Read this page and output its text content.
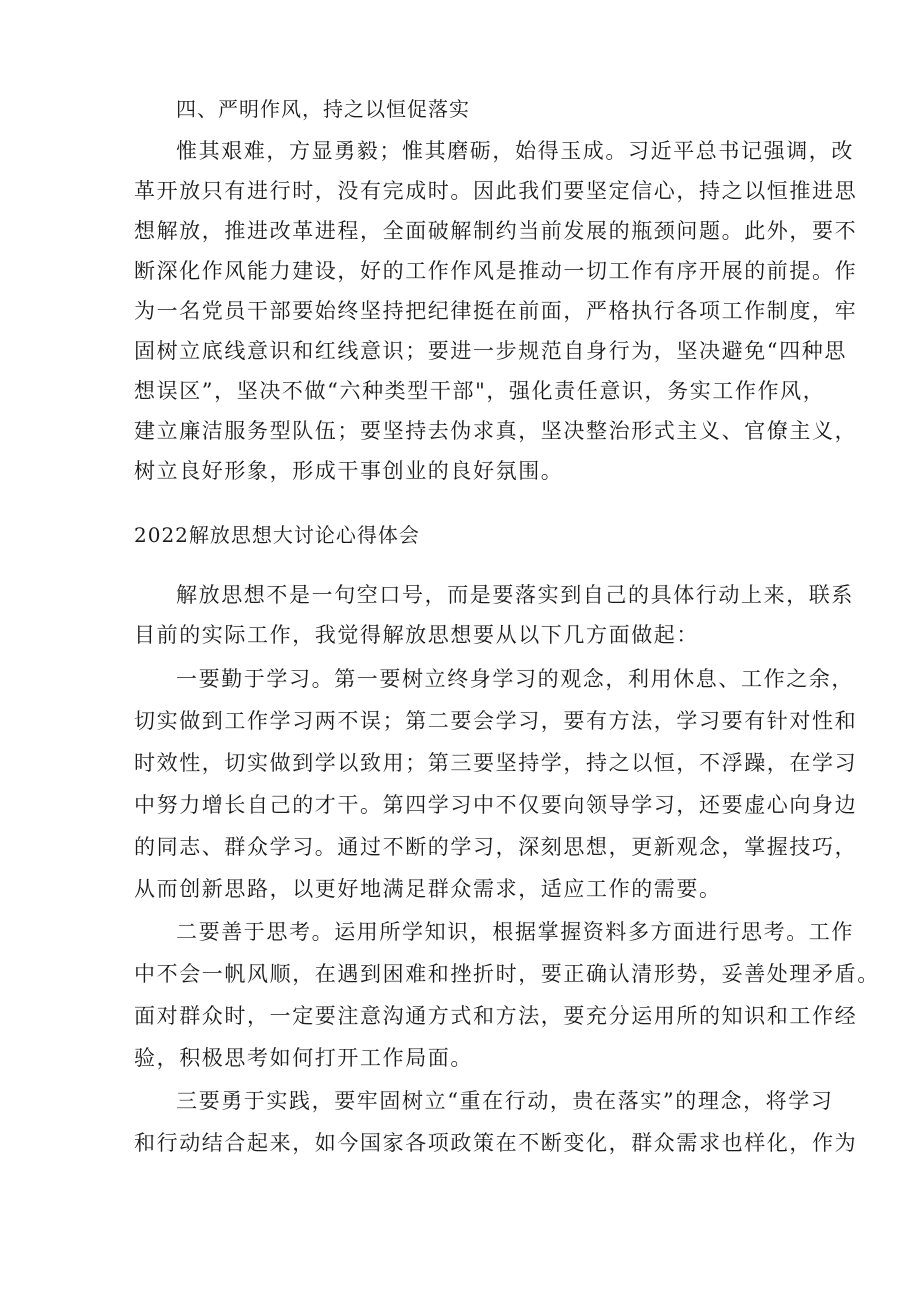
四、严明作风，持之以恒促落实
惟其艰难，方显勇毅；惟其磨砺，始得玉成。习近平总书记强调，改
革开放只有进行时，没有完成时。因此我们要坚定信心，持之以恒推进思
想解放，推进改革进程，全面破解制约当前发展的瓶颈问题。此外，要不
断深化作风能力建设，好的工作作风是推动一切工作有序开展的前提。作
为一名党员干部要始终坚持把纪律挺在前面，严格执行各项工作制度，牢
固树立底线意识和红线意识；要进一步规范自身行为，坚决避免“四种思
想误区”，坚决不做“六种类型干部"，强化责任意识，务实工作作风，
建立廉洁服务型队伍；要坚持去伪求真，坚决整治形式主义、官僚主义，
树立良好形象，形成干事创业的良好氛围。
2022解放思想大讨论心得体会
解放思想不是一句空口号，而是要落实到自己的具体行动上来，联系
目前的实际工作，我觉得解放思想要从以下几方面做起：
一要勤于学习。第一要树立终身学习的观念，利用休息、工作之余，
切实做到工作学习两不误；第二要会学习，要有方法，学习要有针对性和
时效性，切实做到学以致用；第三要坚持学，持之以恒，不浮躁，在学习
中努力增长自己的才干。第四学习中不仅要向领导学习，还要虚心向身边
的同志、群众学习。通过不断的学习，深刻思想，更新观念，掌握技巧，
从而创新思路，以更好地满足群众需求，适应工作的需要。
二要善于思考。运用所学知识，根据掌握资料多方面进行思考。工作
中不会一帆风顺，在遇到困难和挫折时，要正确认清形势，妥善处理矛盾。
面对群众时，一定要注意沟通方式和方法，要充分运用所的知识和工作经
验，积极思考如何打开工作局面。
三要勇于实践，要牢固树立“重在行动，贵在落实”的理念，将学习
和行动结合起来，如今国家各项政策在不断变化，群众需求也样化，作为
